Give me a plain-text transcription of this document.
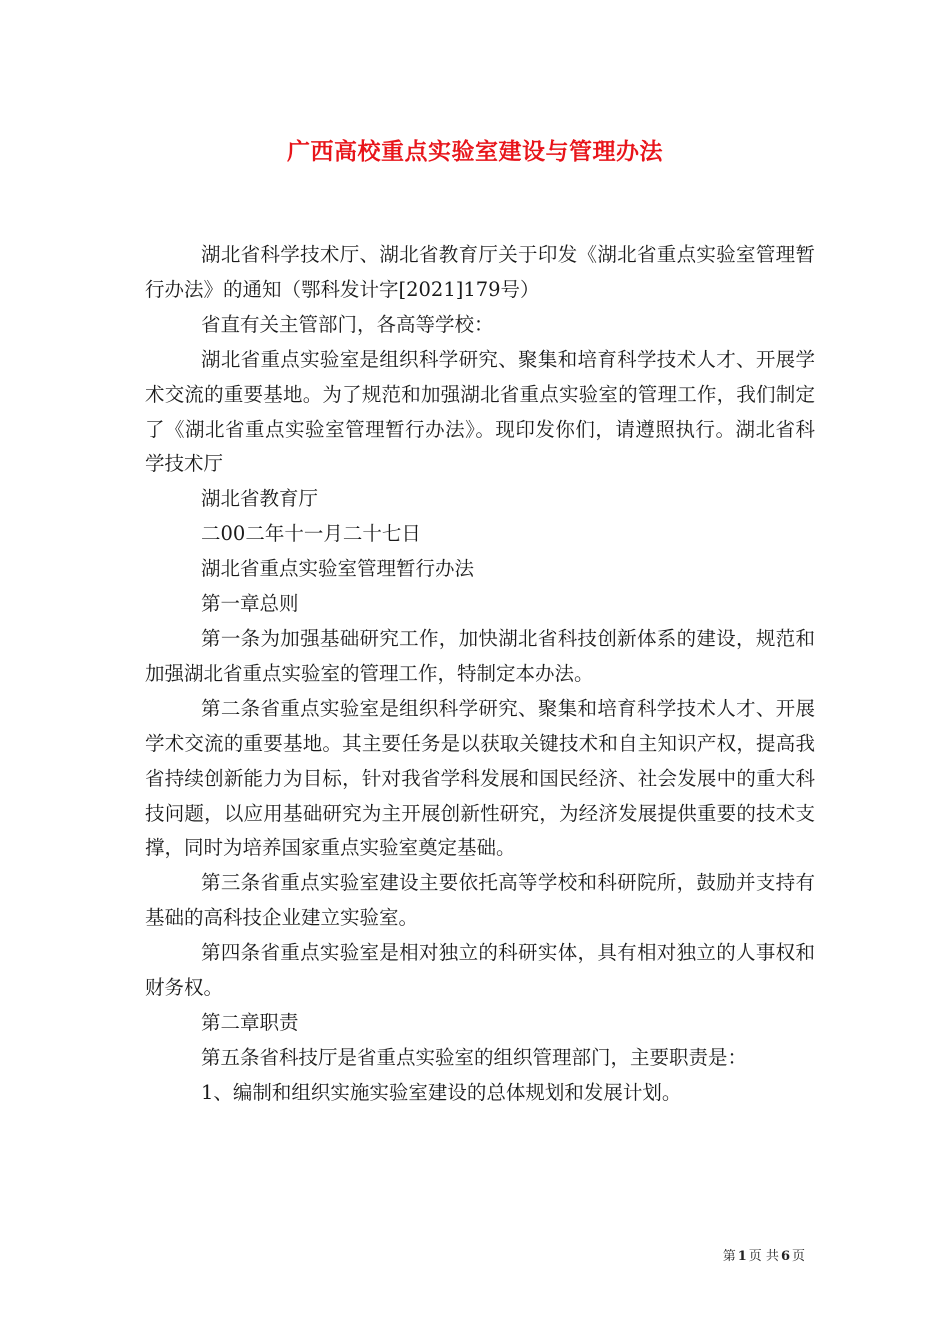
广西高校重点实验室建设与管理办法

湖北省科学技术厅、湖北省教育厅关于印发《湖北省重点实验室管理暂行办法》的通知（鄂科发计字[2021]179号）

省直有关主管部门，各高等学校：

湖北省重点实验室是组织科学研究、聚集和培育科学技术人才、开展学术交流的重要基地。为了规范和加强湖北省重点实验室的管理工作，我们制定了《湖北省重点实验室管理暂行办法》。现印发你们，请遵照执行。湖北省科学技术厅

湖北省教育厅

二00二年十一月二十七日

湖北省重点实验室管理暂行办法

第一章总则

第一条为加强基础研究工作，加快湖北省科技创新体系的建设，规范和加强湖北省重点实验室的管理工作，特制定本办法。

第二条省重点实验室是组织科学研究、聚集和培育科学技术人才、开展学术交流的重要基地。其主要任务是以获取关键技术和自主知识产权，提高我省持续创新能力为目标，针对我省学科发展和国民经济、社会发展中的重大科技问题，以应用基础研究为主开展创新性研究，为经济发展提供重要的技术支撑，同时为培养国家重点实验室奠定基础。

第三条省重点实验室建设主要依托高等学校和科研院所，鼓励并支持有基础的高科技企业建立实验室。

第四条省重点实验室是相对独立的科研实体，具有相对独立的人事权和财务权。

第二章职责

第五条省科技厅是省重点实验室的组织管理部门，主要职责是：

1、编制和组织实施实验室建设的总体规划和发展计划。

第 1 页 共 6 页
